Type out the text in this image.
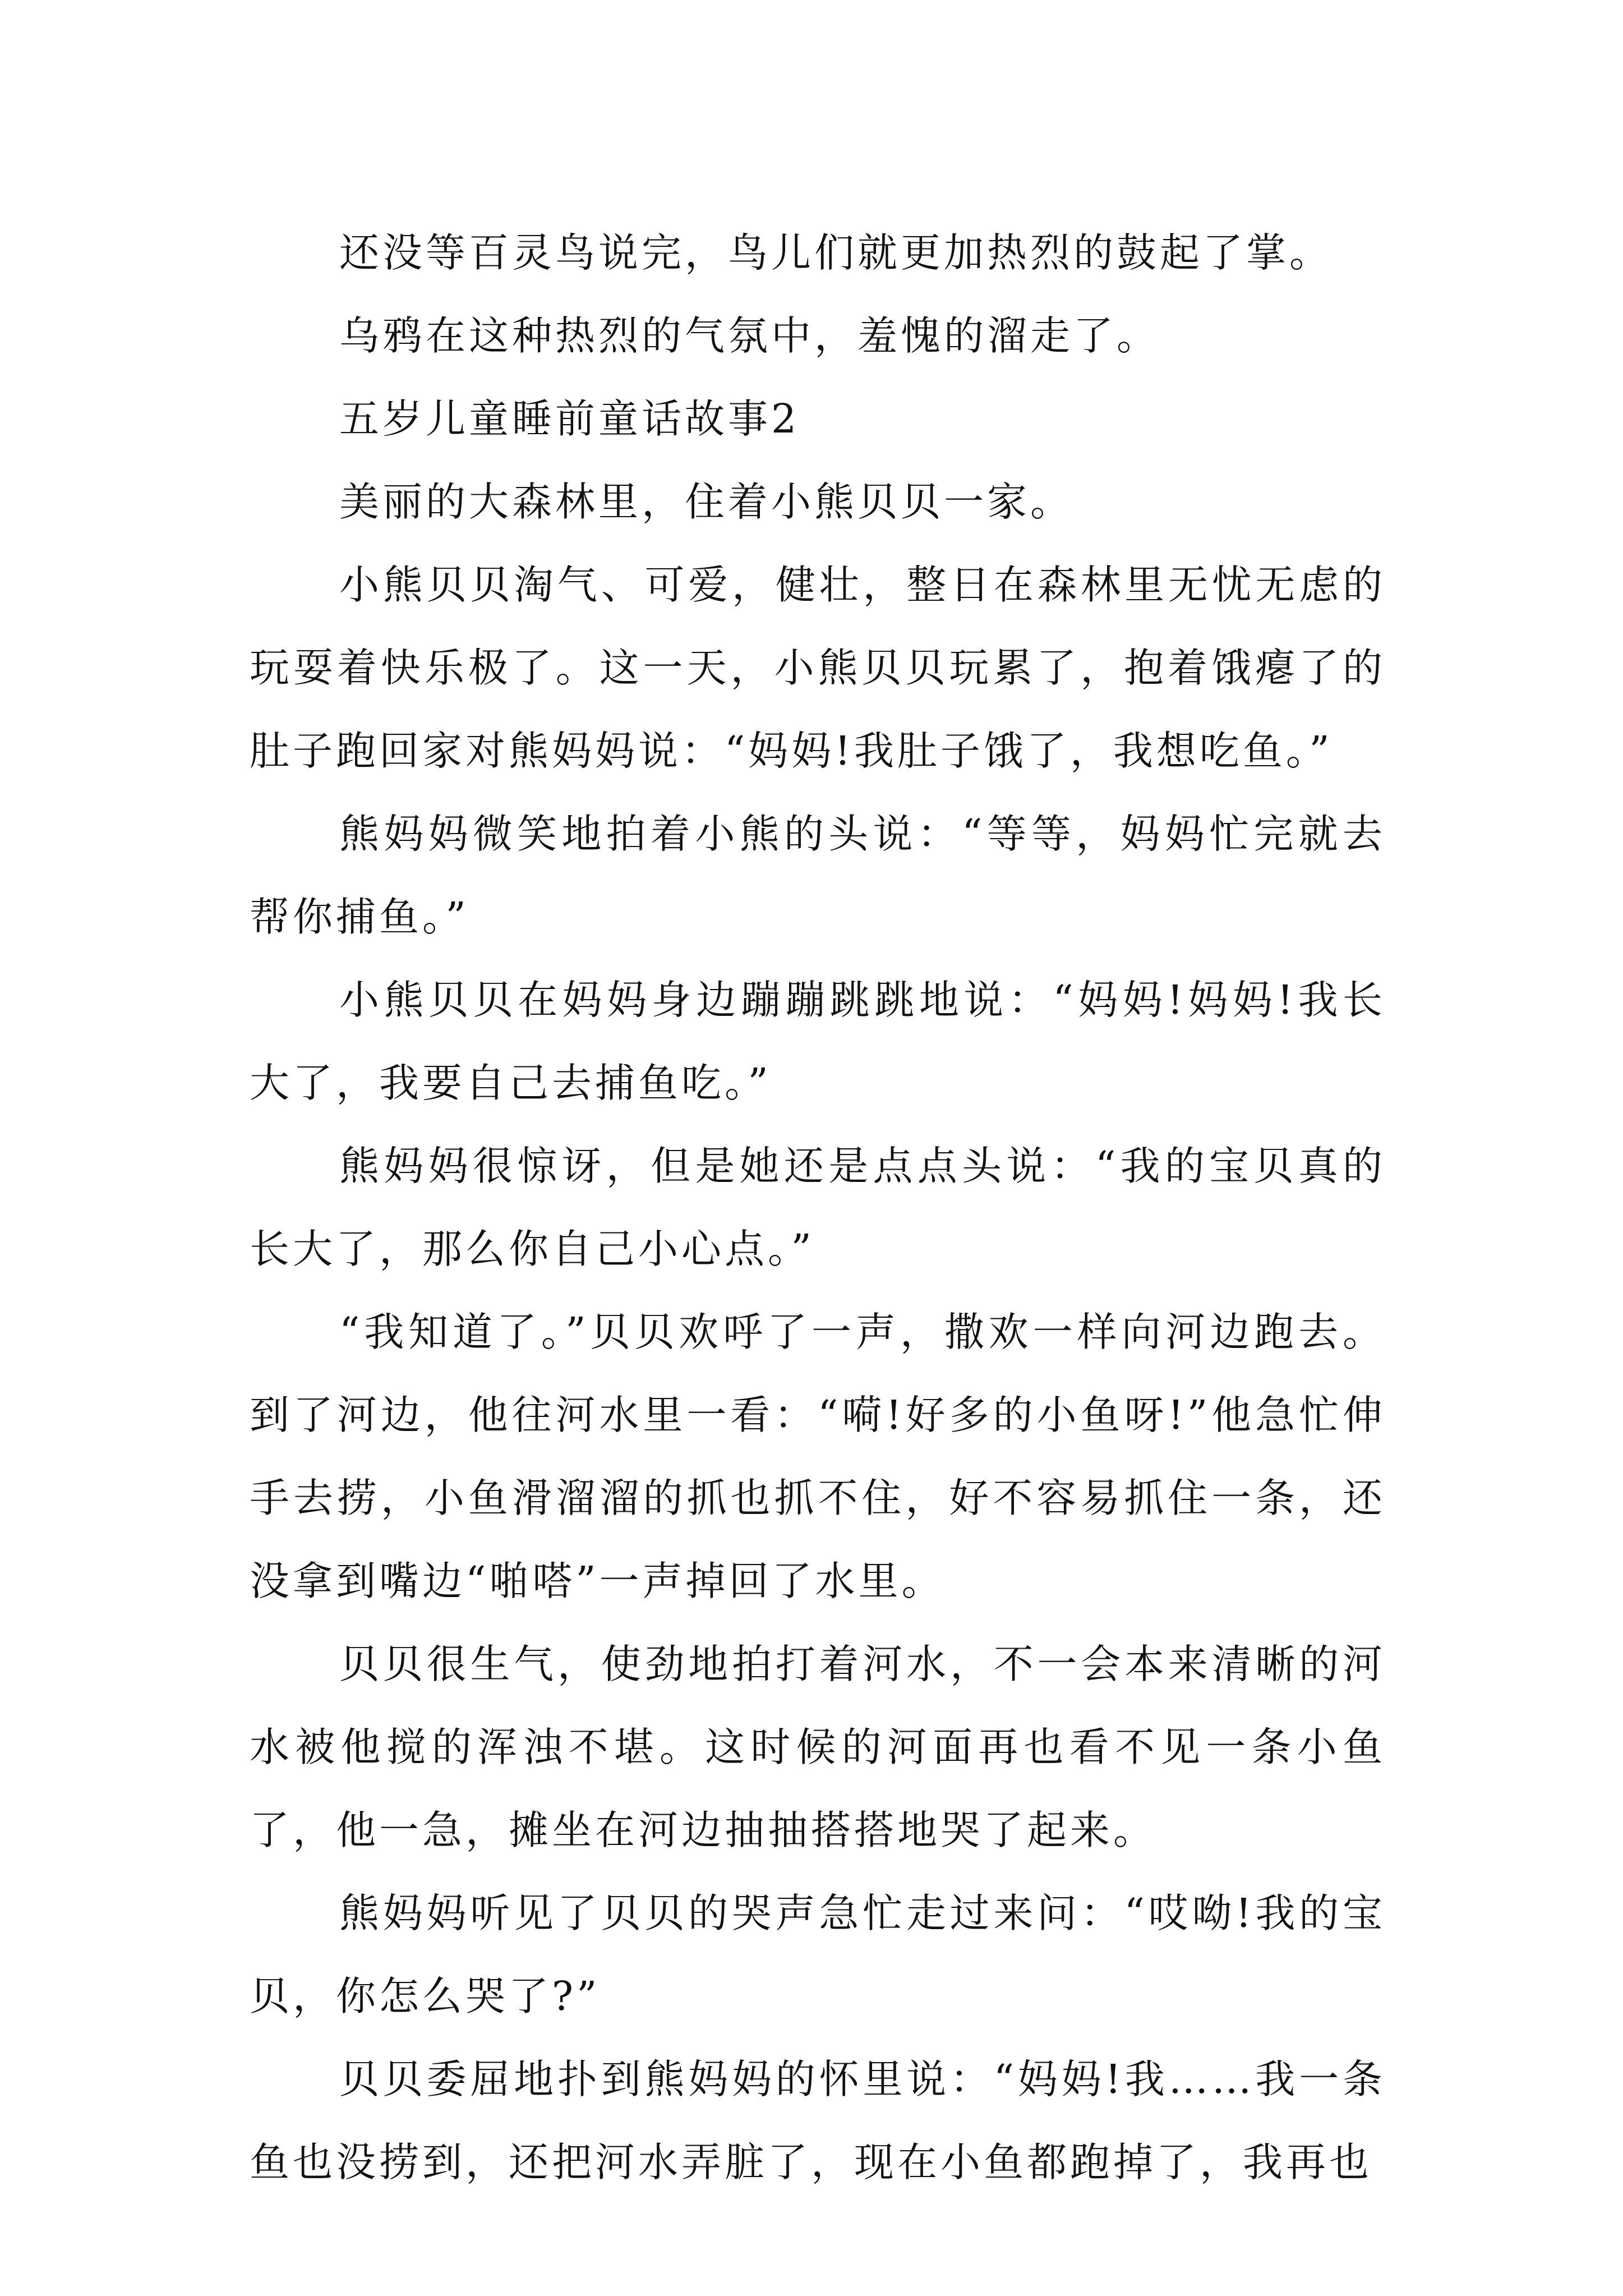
还没等百灵鸟说完，鸟儿们就更加热烈的鼓起了掌。

乌鸦在这种热烈的气氛中，羞愧的溜走了。

五岁儿童睡前童话故事2

美丽的大森林里，住着小熊贝贝一家。

小熊贝贝淘气、可爱，健壮，整日在森林里无忧无虑的玩耍着快乐极了。这一天，小熊贝贝玩累了，抱着饿瘪了的肚子跑回家对熊妈妈说：“妈妈!我肚子饿了，我想吃鱼。”

熊妈妈微笑地拍着小熊的头说：“等等，妈妈忙完就去帮你捕鱼。”

小熊贝贝在妈妈身边蹦蹦跳跳地说：“妈妈!妈妈!我长大了，我要自己去捕鱼吃。”

熊妈妈很惊讶，但是她还是点点头说：“我的宝贝真的长大了，那么你自己小心点。”

“我知道了。”贝贝欢呼了一声，撒欢一样向河边跑去。到了河边，他往河水里一看：“嗬!好多的小鱼呀!”他急忙伸手去捞，小鱼滑溜溜的抓也抓不住，好不容易抓住一条，还没拿到嘴边“啪嗒”一声掉回了水里。

贝贝很生气，使劲地拍打着河水，不一会本来清晰的河水被他搅的浑浊不堪。这时候的河面再也看不见一条小鱼了，他一急，摊坐在河边抽抽搭搭地哭了起来。

熊妈妈听见了贝贝的哭声急忙走过来问：“哎呦!我的宝贝，你怎么哭了?”

贝贝委屈地扑到熊妈妈的怀里说：“妈妈!我……我一条鱼也没捞到，还把河水弄脏了，现在小鱼都跑掉了，我再也
